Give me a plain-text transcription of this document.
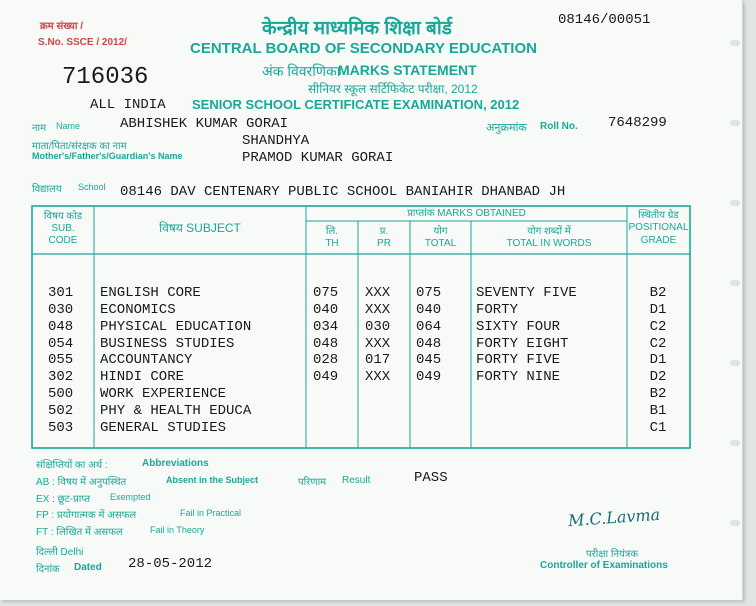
क्रम संख्या /
S.No. SSCE / 2012/
716036
08146/00051
केन्द्रीय माध्यमिक शिक्षा बोर्ड
CENTRAL BOARD OF SECONDARY EDUCATION
अंक विवरणिका
MARKS STATEMENT
सीनियर स्कूल सर्टिफिकेट परीक्षा, 2012
ALL INDIA SENIOR SCHOOL CERTIFICATE EXAMINATION, 2012
नाम Name	ABHISHEK KUMAR GORAI	अनुक्रमांक Roll No. 7648299
माता/पिता/संरक्षक का नाम	SHANDHYA
Mother's/Father's/Guardian's Name	PRAMOD KUMAR GORAI
विद्यालय School 08146 DAV CENTENARY PUBLIC SCHOOL BANIAHIR DHANBAD JH
विषय कोड
SUB.
CODE
विषय SUBJECT
प्राप्तांक MARKS OBTAINED
लि.
TH
प्र.
PR
योग
TOTAL
योग शब्दों में
TOTAL IN WORDS
स्थितीय ग्रेड
POSITIONAL
GRADE
301 ENGLISH CORE	075 XXX 075 SEVENTY FIVE	B2
030 ECONOMICS	040 XXX 040 FORTY	D1
048 PHYSICAL EDUCATION	034 030 064 SIXTY FOUR	C2
054 BUSINESS STUDIES	048 XXX 048 FORTY EIGHT	C2
055 ACCOUNTANCY	028 017 045 FORTY FIVE	D1
302 HINDI CORE	049 XXX 049 FORTY NINE	D2
500 WORK EXPERIENCE	B2
502 PHY & HEALTH EDUCA	B1
503 GENERAL STUDIES	C1
संक्षिप्तियों का अर्थ :	Abbreviations
AB : विषय में अनुपस्थित	Absent in the Subject
EX : छूट-प्राप्त Exempted
FP : प्रयोगात्मक में असफल	Fail in Practical
FT : लिखित में असफल	Fail in Theory
परिणाम Result	PASS
दिल्ली Delhi
दिनांक Dated 28-05-2012
M.C.Lavma
परीक्षा नियंत्रक
Controller of Examinations
